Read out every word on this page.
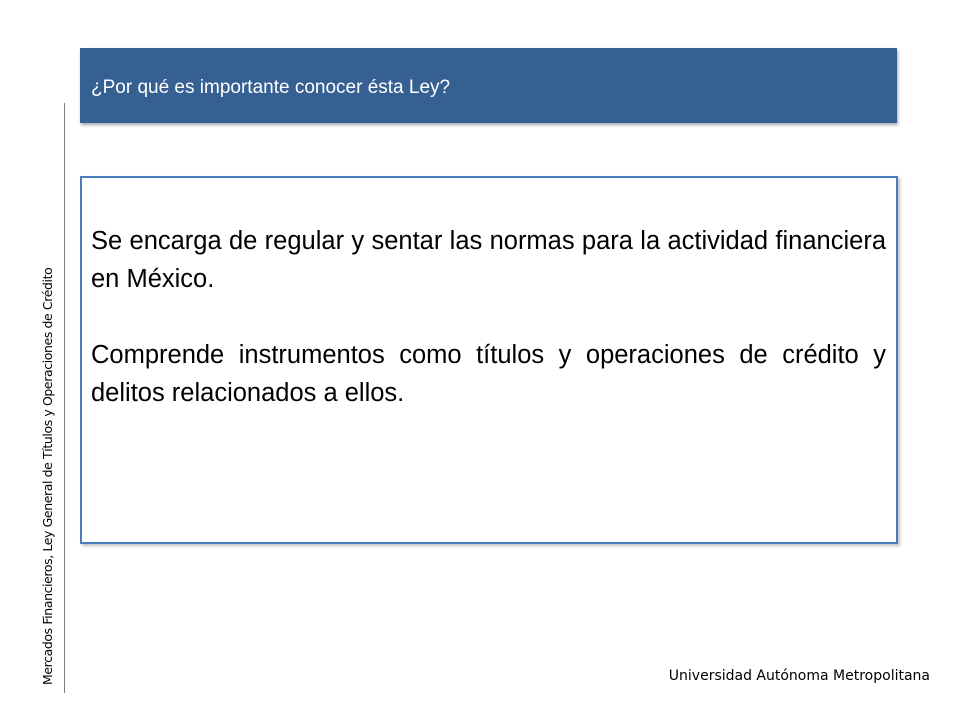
¿Por qué es importante conocer ésta Ley?
Mercados Financieros, Ley General de Títulos y Operaciones de Crédito

Se encarga de regular y sentar las normas para la actividad financiera en México.

Comprende instrumentos como títulos y operaciones de crédito y delitos relacionados a ellos.

Universidad Autónoma Metropolitana
